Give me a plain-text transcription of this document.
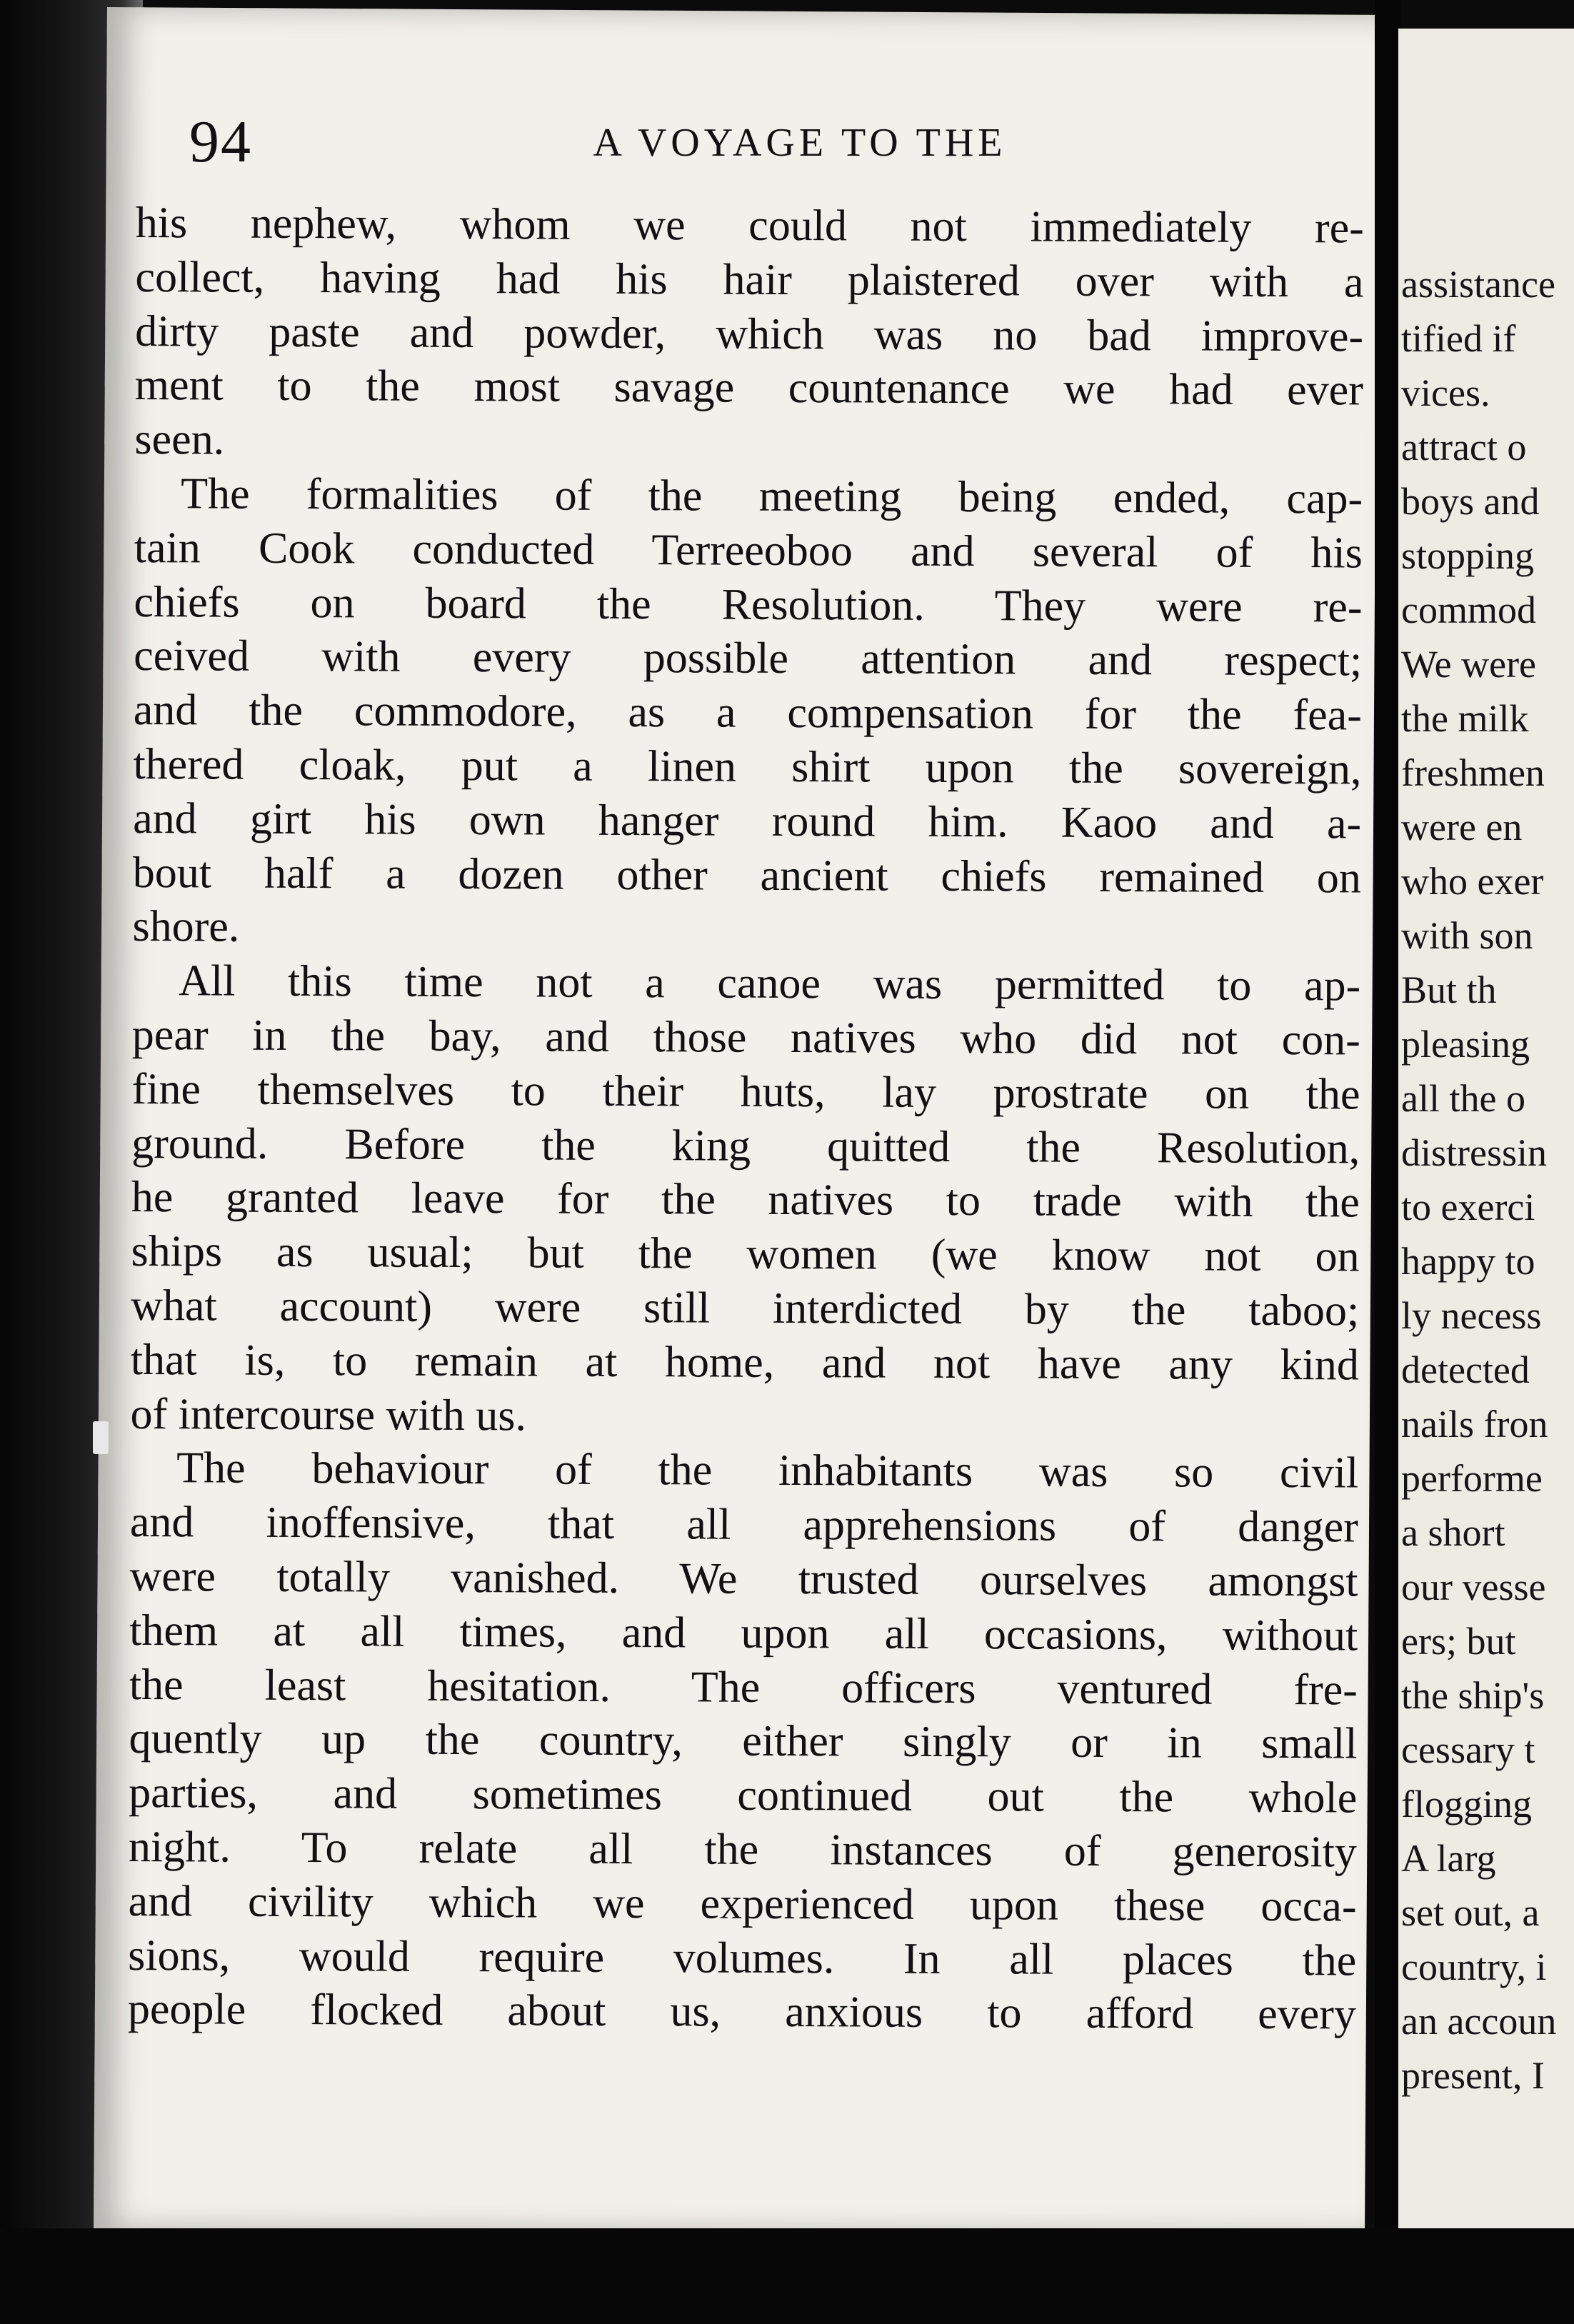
assistance
tified if
vices.
attract o
boys and
stopping
commod
We were
the milk
freshmen
were en
who exer
with son
But th
pleasing
all the o
distressin
to exerci
happy to
ly necess
detected
nails fron
performe
a short
our vesse
ers; but
the ship's
cessary t
flogging
A larg
set out, a
country, i
an accoun
present, I
94	A VOYAGE TO THE
his nephew, whom we could not immediately re-
collect, having had his hair plaistered over with a
dirty paste and powder, which was no bad improve-
ment to the most savage countenance we had ever
seen.
The formalities of the meeting being ended, cap-
tain Cook conducted Terreeoboo and several of his
chiefs on board the Resolution. They were re-
ceived with every possible attention and respect;
and the commodore, as a compensation for the fea-
thered cloak, put a linen shirt upon the sovereign,
and girt his own hanger round him. Kaoo and a-
bout half a dozen other ancient chiefs remained on
shore.
All this time not a canoe was permitted to ap-
pear in the bay, and those natives who did not con-
fine themselves to their huts, lay prostrate on the
ground. Before the king quitted the Resolution,
he granted leave for the natives to trade with the
ships as usual; but the women (we know not on
what account) were still interdicted by the taboo;
that is, to remain at home, and not have any kind
of intercourse with us.
The behaviour of the inhabitants was so civil
and inoffensive, that all apprehensions of danger
were totally vanished. We trusted ourselves amongst
them at all times, and upon all occasions, without
the least hesitation. The officers ventured fre-
quently up the country, either singly or in small
parties, and sometimes continued out the whole
night. To relate all the instances of generosity
and civility which we experienced upon these occa-
sions, would require volumes. In all places the
people flocked about us, anxious to afford every
